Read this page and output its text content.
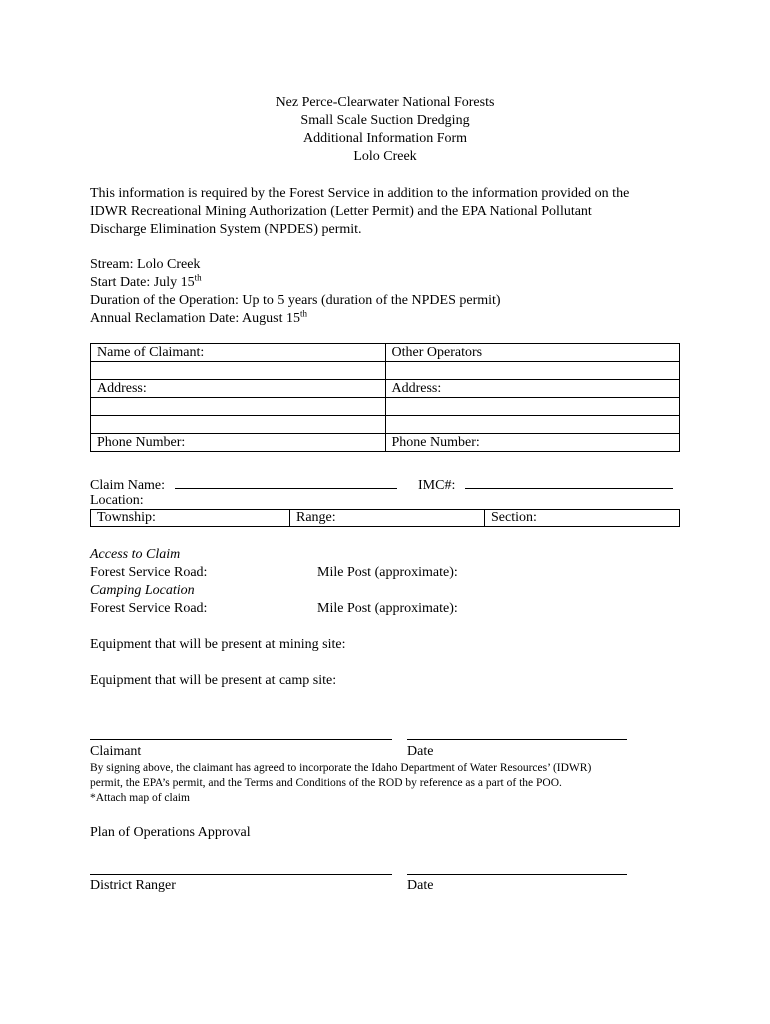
Nez Perce-Clearwater National Forests
Small Scale Suction Dredging
Additional Information Form
Lolo Creek
This information is required by the Forest Service in addition to the information provided on the
IDWR Recreational Mining Authorization (Letter Permit) and the EPA National Pollutant
Discharge Elimination System (NPDES) permit.
Stream: Lolo Creek
Start Date: July 15th
Duration of the Operation: Up to 5 years (duration of the NPDES permit)
Annual Reclamation Date: August 15th
Name of Claimant:	Other Operators

Address:	Address:

Phone Number:	Phone Number:
Claim Name:	IMC#:
Location:
Township:	Range:	Section:
Access to Claim
Forest Service Road:	Mile Post (approximate):
Camping Location
Forest Service Road:	Mile Post (approximate):
Equipment that will be present at mining site:
Equipment that will be present at camp site:
Claimant	Date
By signing above, the claimant has agreed to incorporate the Idaho Department of Water Resources’ (IDWR)
permit, the EPA’s permit, and the Terms and Conditions of the ROD by reference as a part of the POO.
*Attach map of claim
Plan of Operations Approval
District Ranger	Date
